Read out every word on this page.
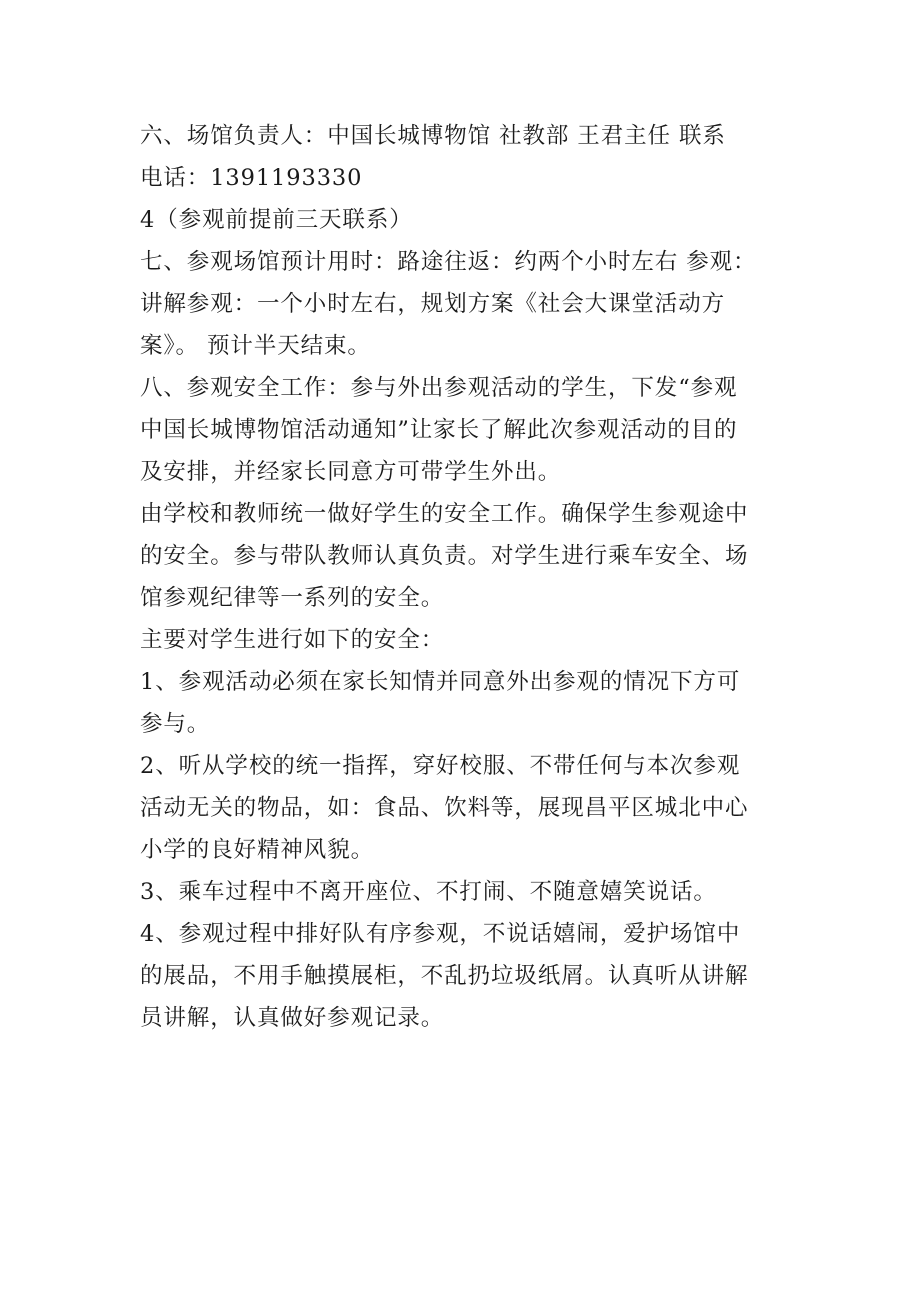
六、场馆负责人：中国长城博物馆 社教部 王君主任 联系
电话：1391193330

4（参观前提前三天联系）

七、参观场馆预计用时：路途往返：约两个小时左右 参观：
讲解参观：一个小时左右，规划方案《社会大课堂活动方
案》。 预计半天结束。

八、参观安全工作：参与外出参观活动的学生，下发“参观
中国长城博物馆活动通知”让家长了解此次参观活动的目的
及安排，并经家长同意方可带学生外出。

由学校和教师统一做好学生的安全工作。确保学生参观途中
的安全。参与带队教师认真负责。对学生进行乘车安全、场
馆参观纪律等一系列的安全。

主要对学生进行如下的安全：

1、参观活动必须在家长知情并同意外出参观的情况下方可
参与。

2、听从学校的统一指挥，穿好校服、不带任何与本次参观
活动无关的物品，如：食品、饮料等，展现昌平区城北中心
小学的良好精神风貌。

3、乘车过程中不离开座位、不打闹、不随意嬉笑说话。

4、参观过程中排好队有序参观，不说话嬉闹，爱护场馆中
的展品，不用手触摸展柜，不乱扔垃圾纸屑。认真听从讲解
员讲解，认真做好参观记录。
